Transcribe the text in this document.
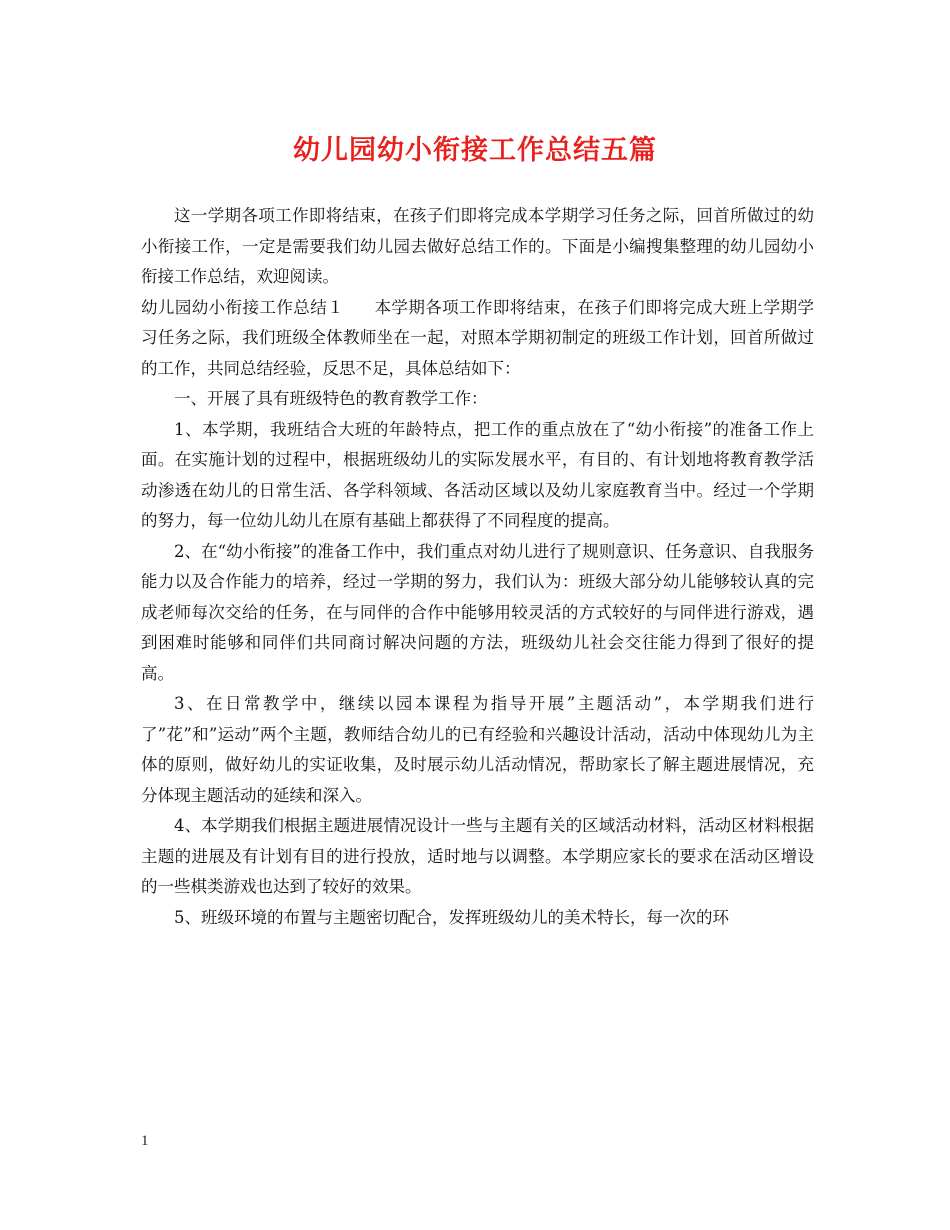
幼儿园幼小衔接工作总结五篇

这一学期各项工作即将结束，在孩子们即将完成本学期学习任务之际，回首所做过的幼小衔接工作，一定是需要我们幼儿园去做好总结工作的。下面是小编搜集整理的幼儿园幼小衔接工作总结，欢迎阅读。

幼儿园幼小衔接工作总结１ 本学期各项工作即将结束，在孩子们即将完成大班上学期学习任务之际，我们班级全体教师坐在一起，对照本学期初制定的班级工作计划，回首所做过的工作，共同总结经验，反思不足，具体总结如下：

一、开展了具有班级特色的教育教学工作：

1、本学期，我班结合大班的年龄特点，把工作的重点放在了“幼小衔接”的准备工作上面。在实施计划的过程中，根据班级幼儿的实际发展水平，有目的、有计划地将教育教学活动渗透在幼儿的日常生活、各学科领域、各活动区域以及幼儿家庭教育当中。经过一个学期的努力，每一位幼儿幼儿在原有基础上都获得了不同程度的提高。

2、在“幼小衔接”的准备工作中，我们重点对幼儿进行了规则意识、任务意识、自我服务能力以及合作能力的培养，经过一学期的努力，我们认为：班级大部分幼儿能够较认真的完成老师每次交给的任务，在与同伴的合作中能够用较灵活的方式较好的与同伴进行游戏，遇到困难时能够和同伴们共同商讨解决问题的方法，班级幼儿社会交往能力得到了很好的提高。

3、在日常教学中，继续以园本课程为指导开展”主题活动”，本学期我们进行了”花”和”运动”两个主题，教师结合幼儿的已有经验和兴趣设计活动，活动中体现幼儿为主体的原则，做好幼儿的实证收集，及时展示幼儿活动情况，帮助家长了解主题进展情况，充分体现主题活动的延续和深入。

4、本学期我们根据主题进展情况设计一些与主题有关的区域活动材料，活动区材料根据主题的进展及有计划有目的进行投放，适时地与以调整。本学期应家长的要求在活动区增设的一些棋类游戏也达到了较好的效果。

5、班级环境的布置与主题密切配合，发挥班级幼儿的美术特长，每一次的环

1
